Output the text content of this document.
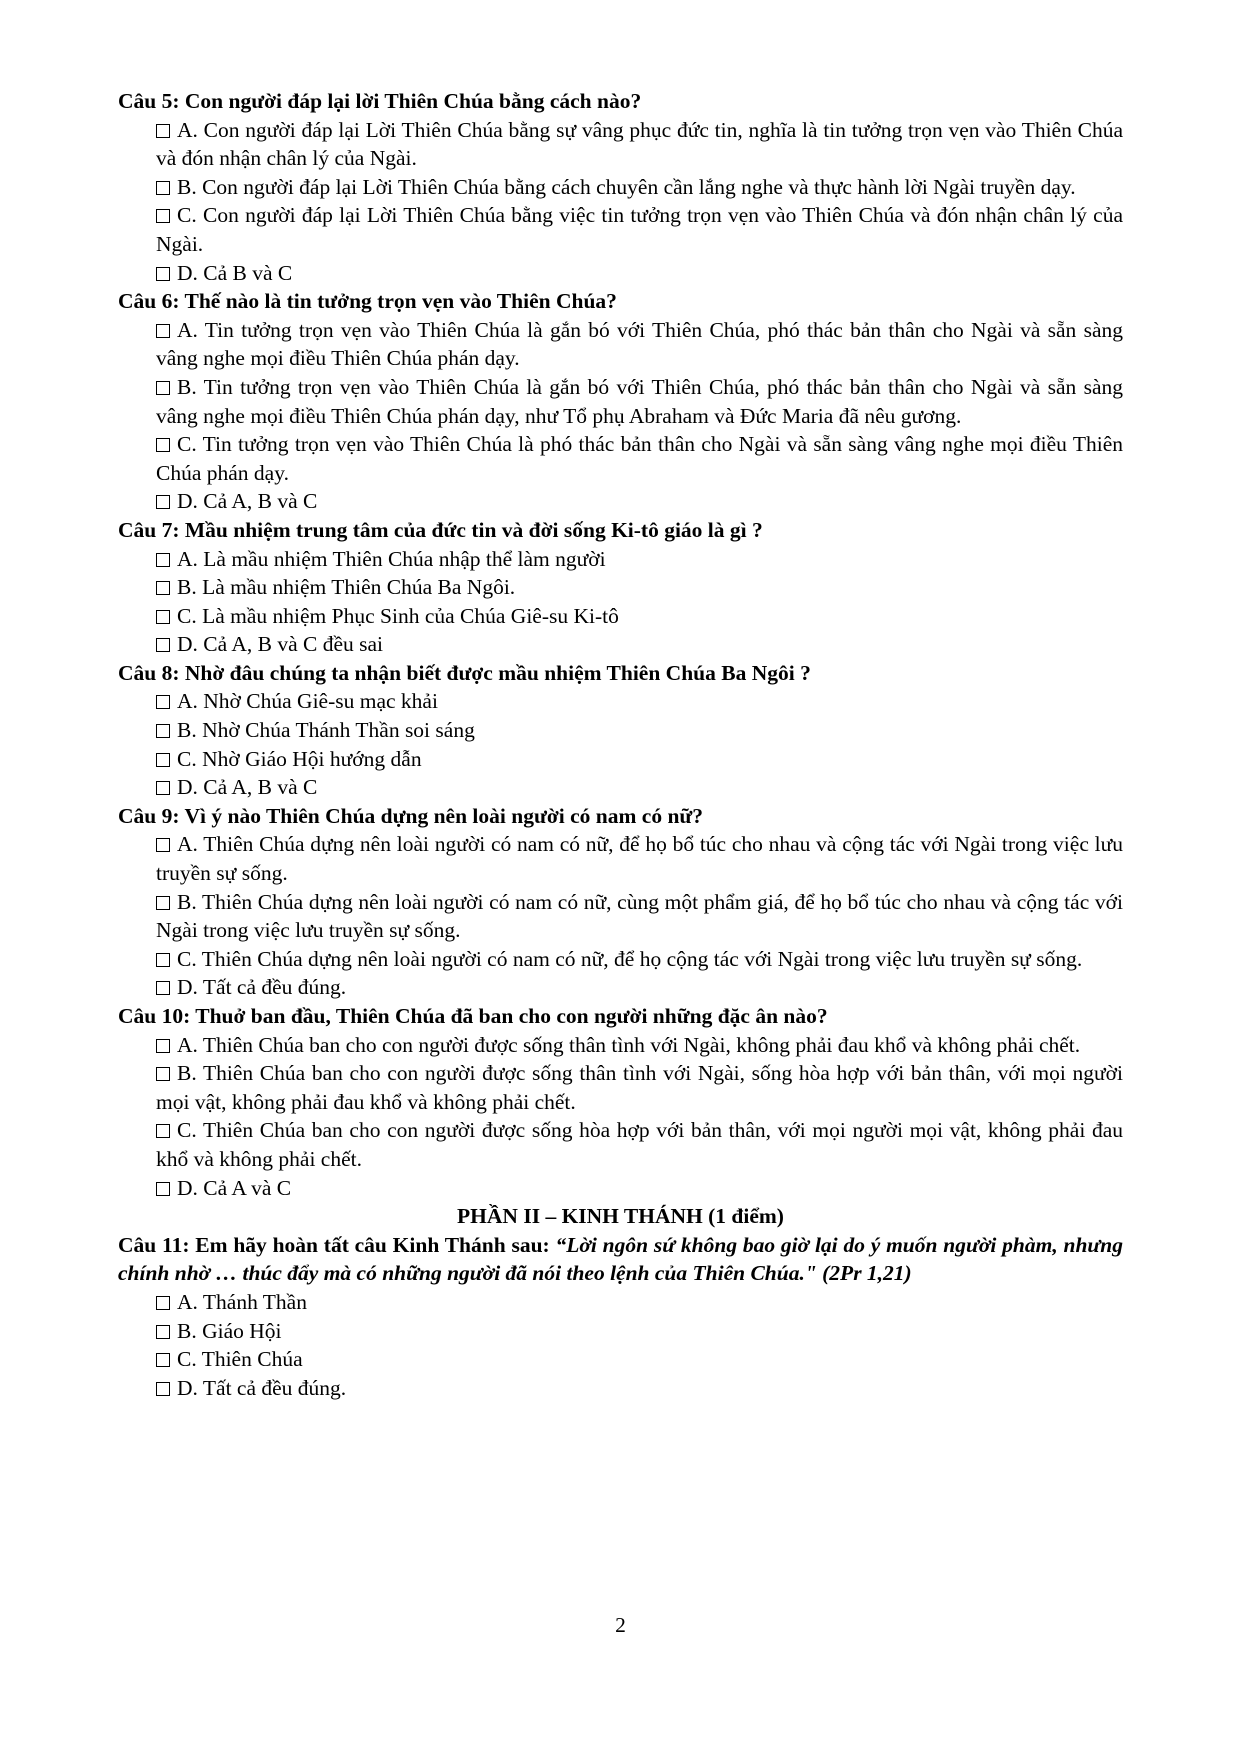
Câu 5: Con người đáp lại lời Thiên Chúa bằng cách nào?
A. Con người đáp lại Lời Thiên Chúa bằng sự vâng phục đức tin, nghĩa là tin tưởng trọn vẹn vào Thiên Chúa và đón nhận chân lý của Ngài.
B. Con người đáp lại Lời Thiên Chúa bằng cách chuyên cần lắng nghe và thực hành lời Ngài truyền dạy.
C. Con người đáp lại Lời Thiên Chúa bằng việc tin tưởng trọn vẹn vào Thiên Chúa và đón nhận chân lý của Ngài.
D. Cả B và C
Câu 6: Thế nào là tin tưởng trọn vẹn vào Thiên Chúa?
A. Tin tưởng trọn vẹn vào Thiên Chúa là gắn bó với Thiên Chúa, phó thác bản thân cho Ngài và sẵn sàng vâng nghe mọi điều Thiên Chúa phán dạy.
B. Tin tưởng trọn vẹn vào Thiên Chúa là gắn bó với Thiên Chúa, phó thác bản thân cho Ngài và sẵn sàng vâng nghe mọi điều Thiên Chúa phán dạy, như Tổ phụ Abraham và Đức Maria đã nêu gương.
C. Tin tưởng trọn vẹn vào Thiên Chúa là phó thác bản thân cho Ngài và sẵn sàng vâng nghe mọi điều Thiên Chúa phán dạy.
D. Cả A, B và C
Câu 7: Mầu nhiệm trung tâm của đức tin và đời sống Ki-tô giáo là gì ?
A. Là mầu nhiệm Thiên Chúa nhập thể làm người
B. Là mầu nhiệm Thiên Chúa Ba Ngôi.
C. Là mầu nhiệm Phục Sinh của Chúa Giê-su Ki-tô
D. Cả A, B và C đều sai
Câu 8: Nhờ đâu chúng ta nhận biết được mầu nhiệm Thiên Chúa Ba Ngôi ?
A. Nhờ Chúa Giê-su mạc khải
B. Nhờ Chúa Thánh Thần soi sáng
C. Nhờ Giáo Hội hướng dẫn
D. Cả A, B và C
Câu 9: Vì ý nào Thiên Chúa dựng nên loài người có nam có nữ?
A. Thiên Chúa dựng nên loài người có nam có nữ, để họ bổ túc cho nhau và cộng tác với Ngài trong việc lưu truyền sự sống.
B. Thiên Chúa dựng nên loài người có nam có nữ, cùng một phẩm giá, để họ bổ túc cho nhau và cộng tác với Ngài trong việc lưu truyền sự sống.
C. Thiên Chúa dựng nên loài người có nam có nữ, để họ cộng tác với Ngài trong việc lưu truyền sự sống.
D. Tất cả đều đúng.
Câu 10: Thuở ban đầu, Thiên Chúa đã ban cho con người những đặc ân nào?
A. Thiên Chúa ban cho con người được sống thân tình với Ngài, không phải đau khổ và không phải chết.
B. Thiên Chúa ban cho con người được sống thân tình với Ngài, sống hòa hợp với bản thân, với mọi người mọi vật, không phải đau khổ và không phải chết.
C. Thiên Chúa ban cho con người được sống hòa hợp với bản thân, với mọi người mọi vật, không phải đau khổ và không phải chết.
D. Cả A và C
PHẦN II – KINH THÁNH (1 điểm)
Câu 11: Em hãy hoàn tất câu Kinh Thánh sau: “Lời ngôn sứ không bao giờ lại do ý muốn người phàm, nhưng chính nhờ … thúc đẩy mà có những người đã nói theo lệnh của Thiên Chúa." (2Pr 1,21)
A. Thánh Thần
B. Giáo Hội
C. Thiên Chúa
D. Tất cả đều đúng.
2
